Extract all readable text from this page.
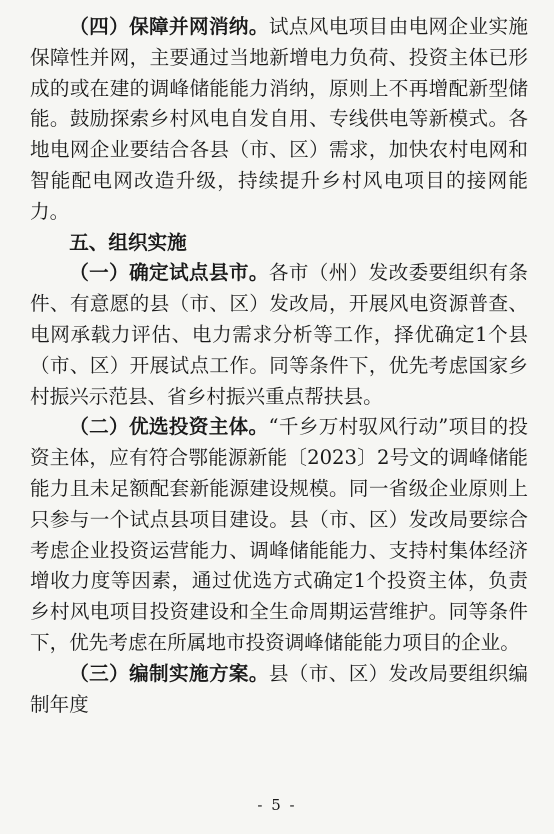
（四）保障并网消纳。试点风电项目由电网企业实施保障性并网，主要通过当地新增电力负荷、投资主体已形成的或在建的调峰储能能力消纳，原则上不再增配新型储能。鼓励探索乡村风电自发自用、专线供电等新模式。各地电网企业要结合各县（市、区）需求，加快农村电网和智能配电网改造升级，持续提升乡村风电项目的接网能力。

五、组织实施

（一）确定试点县市。各市（州）发改委要组织有条件、有意愿的县（市、区）发改局，开展风电资源普查、电网承载力评估、电力需求分析等工作，择优确定1个县（市、区）开展试点工作。同等条件下，优先考虑国家乡村振兴示范县、省乡村振兴重点帮扶县。

（二）优选投资主体。“千乡万村驭风行动”项目的投资主体，应有符合鄂能源新能〔2023〕2号文的调峰储能能力且未足额配套新能源建设规模。同一省级企业原则上只参与一个试点县项目建设。县（市、区）发改局要综合考虑企业投资运营能力、调峰储能能力、支持村集体经济增收力度等因素，通过优选方式确定1个投资主体，负责乡村风电项目投资建设和全生命周期运营维护。同等条件下，优先考虑在所属地市投资调峰储能能力项目的企业。

（三）编制实施方案。县（市、区）发改局要组织编制年度

- 5 -
